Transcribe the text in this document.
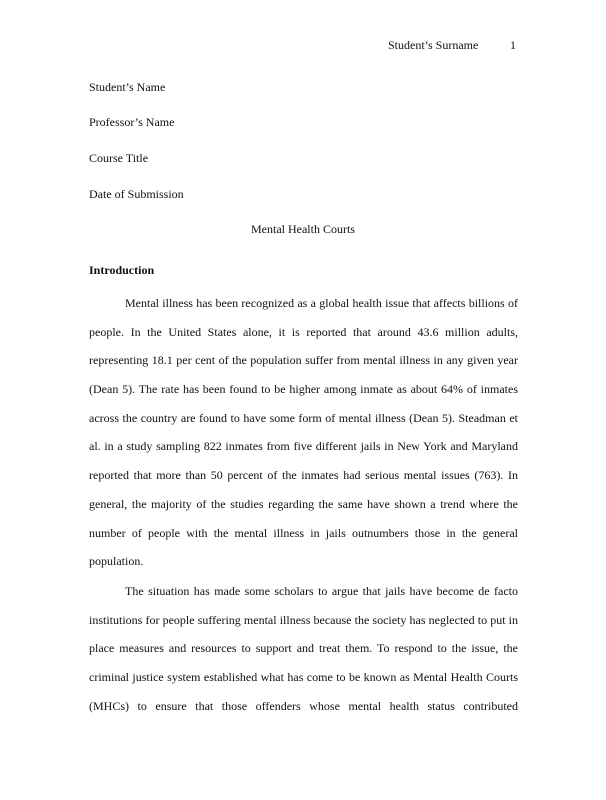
Student’s Surname	1
Student’s Name
Professor’s Name
Course Title
Date of Submission
Mental Health Courts
Introduction
Mental illness has been recognized as a global health issue that affects billions of
people. In the United States alone, it is reported that around 43.6 million adults,
representing 18.1 per cent of the population suffer from mental illness in any given year
(Dean 5). The rate has been found to be higher among inmate as about 64% of inmates
across the country are found to have some form of mental illness (Dean 5). Steadman et
al. in a study sampling 822 inmates from five different jails in New York and Maryland
reported that more than 50 percent of the inmates had serious mental issues (763). In
general, the majority of the studies regarding the same have shown a trend where the
number of people with the mental illness in jails outnumbers those in the general
population.
The situation has made some scholars to argue that jails have become de facto
institutions for people suffering mental illness because the society has neglected to put in
place measures and resources to support and treat them. To respond to the issue, the
criminal justice system established what has come to be known as Mental Health Courts
(MHCs) to ensure that those offenders whose mental health status contributed
